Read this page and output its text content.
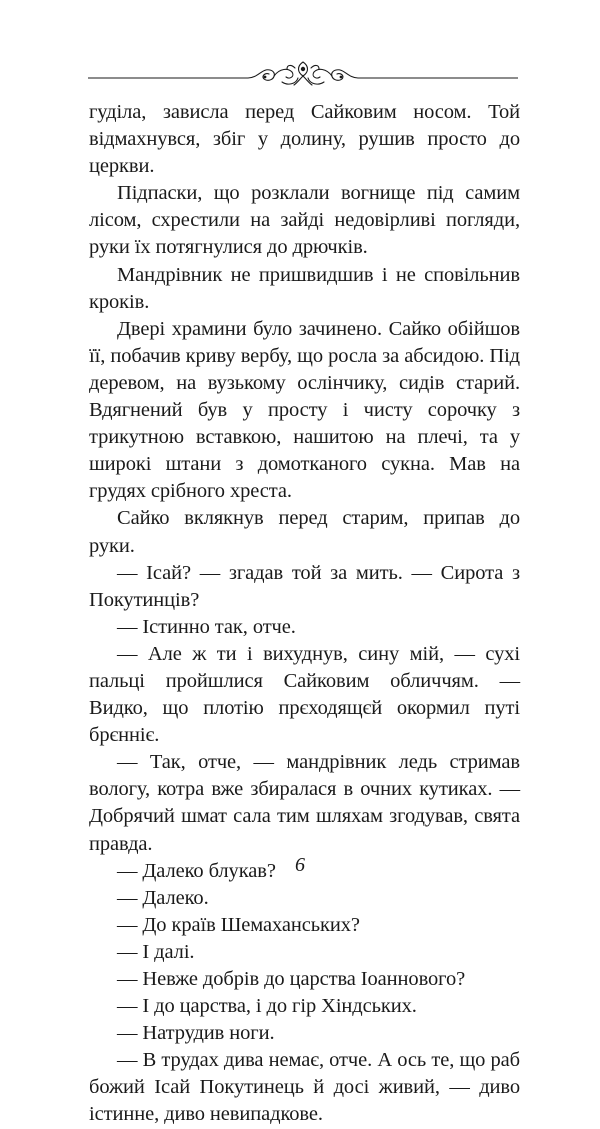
гуділа, зависла перед Сайковим носом. Той відмахнувся, збіг у долину, рушив просто до церкви.

Підпаски, що розклали вогнище під самим лісом, схрестили на зайді недовірливі погляди, руки їх потягнулися до дрючків.

Мандрівник не пришвидшив і не сповільнив кроків.

Двері храмини було зачинено. Сайко обійшов її, побачив криву вербу, що росла за абсидою. Під деревом, на вузькому ослінчику, сидів старий. Вдягнений був у просту і чисту сорочку з трикутною вставкою, нашитою на плечі, та у широкі штани з домотканого сукна. Мав на грудях срібного хреста.

Сайко вклякнув перед старим, припав до руки.

— Ісай? — згадав той за мить. — Сирота з Покутинців?

— Істинно так, отче.

— Але ж ти і вихуднув, сину мій, — сухі пальці пройшлися Сайковим обличчям. — Видко, що плотію прєходящєй окормил путі брєнніє.

— Так, отче, — мандрівник ледь стримав вологу, котра вже збиралася в очних кутиках. — Добрячий шмат сала тим шляхам згодував, свята правда.

— Далеко блукав?

— Далеко.

— До країв Шемаханських?

— І далі.

— Невже добрів до царства Іоаннового?

— І до царства, і до гір Хіндських.

— Натрудив ноги.

— В трудах дива немає, отче. А ось те, що раб божий Ісай Покутинець й досі живий, — диво істинне, диво невипадкове.

6
